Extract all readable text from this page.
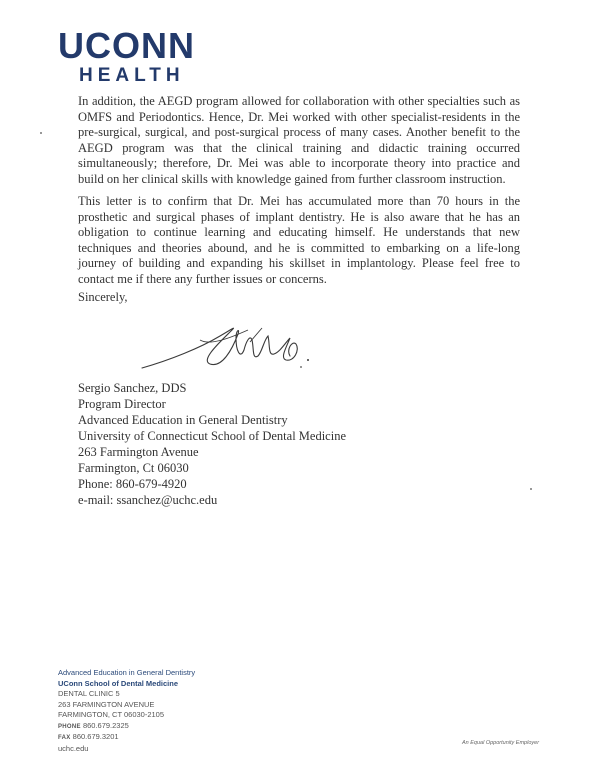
UCONN
HEALTH
In addition, the AEGD program allowed for collaboration with other specialties such as OMFS and Periodontics. Hence, Dr. Mei worked with other specialist-residents in the pre-surgical, surgical, and post-surgical process of many cases. Another benefit to the AEGD program was that the clinical training and didactic training occurred simultaneously; therefore, Dr. Mei was able to incorporate theory into practice and build on her clinical skills with knowledge gained from further classroom instruction.
This letter is to confirm that Dr. Mei has accumulated more than 70 hours in the prosthetic and surgical phases of implant dentistry. He is also aware that he has an obligation to continue learning and educating himself. He understands that new techniques and theories abound, and he is committed to embarking on a life-long journey of building and expanding his skillset in implantology. Please feel free to contact me if there any further issues or concerns.
Sincerely,
Sergio Sanchez, DDS
Program Director
Advanced Education in General Dentistry
University of Connecticut School of Dental Medicine
263 Farmington Avenue
Farmington, Ct 06030
Phone: 860-679-4920
e-mail: ssanchez@uchc.edu
Advanced Education in General Dentistry
UConn School of Dental Medicine
DENTAL CLINIC 5
263 FARMINGTON AVENUE
FARMINGTON, CT 06030-2105
PHONE 860.679.2325
FAX 860.679.3201
uchc.edu
An Equal Opportunity Employer
